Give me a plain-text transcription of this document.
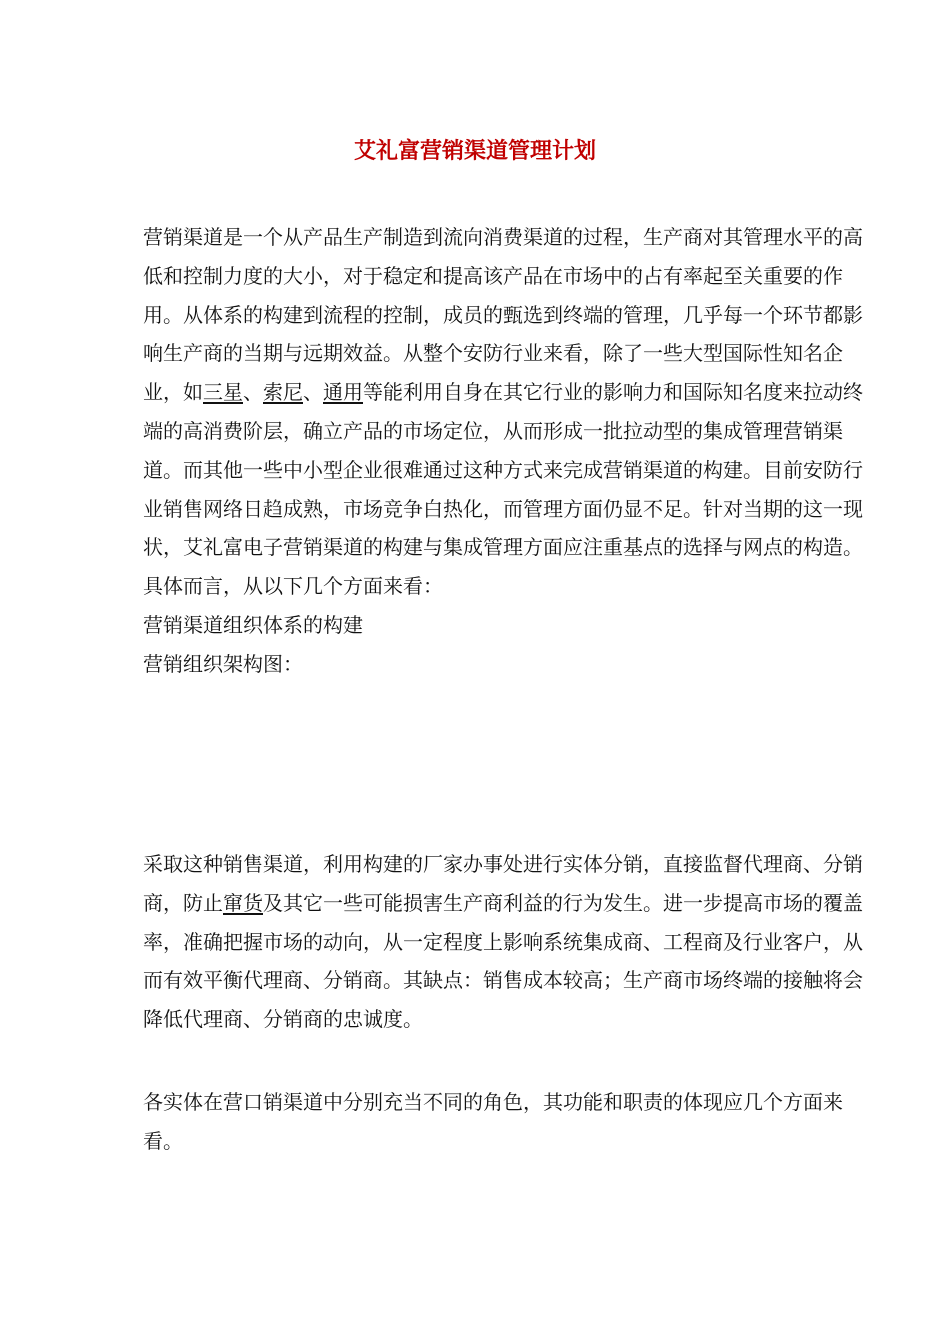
艾礼富营销渠道管理计划
营销渠道是一个从产品生产制造到流向消费渠道的过程，生产商对其管理水平的高低和控制力度的大小，对于稳定和提高该产品在市场中的占有率起至关重要的作用。从体系的构建到流程的控制，成员的甄选到终端的管理，几乎每一个环节都影响生产商的当期与远期效益。从整个安防行业来看，除了一些大型国际性知名企业，如三星、索尼、通用等能利用自身在其它行业的影响力和国际知名度来拉动终端的高消费阶层，确立产品的市场定位，从而形成一批拉动型的集成管理营销渠道。而其他一些中小型企业很难通过这种方式来完成营销渠道的构建。目前安防行业销售网络日趋成熟，市场竞争白热化，而管理方面仍显不足。针对当期的这一现状，艾礼富电子营销渠道的构建与集成管理方面应注重基点的选择与网点的构造。
具体而言，从以下几个方面来看：
营销渠道组织体系的构建
营销组织架构图：
采取这种销售渠道，利用构建的厂家办事处进行实体分销，直接监督代理商、分销商，防止窜货及其它一些可能损害生产商利益的行为发生。进一步提高市场的覆盖率，准确把握市场的动向，从一定程度上影响系统集成商、工程商及行业客户，从而有效平衡代理商、分销商。其缺点：销售成本较高；生产商市场终端的接触将会降低代理商、分销商的忠诚度。
各实体在营口销渠道中分别充当不同的角色，其功能和职责的体现应几个方面来看。
